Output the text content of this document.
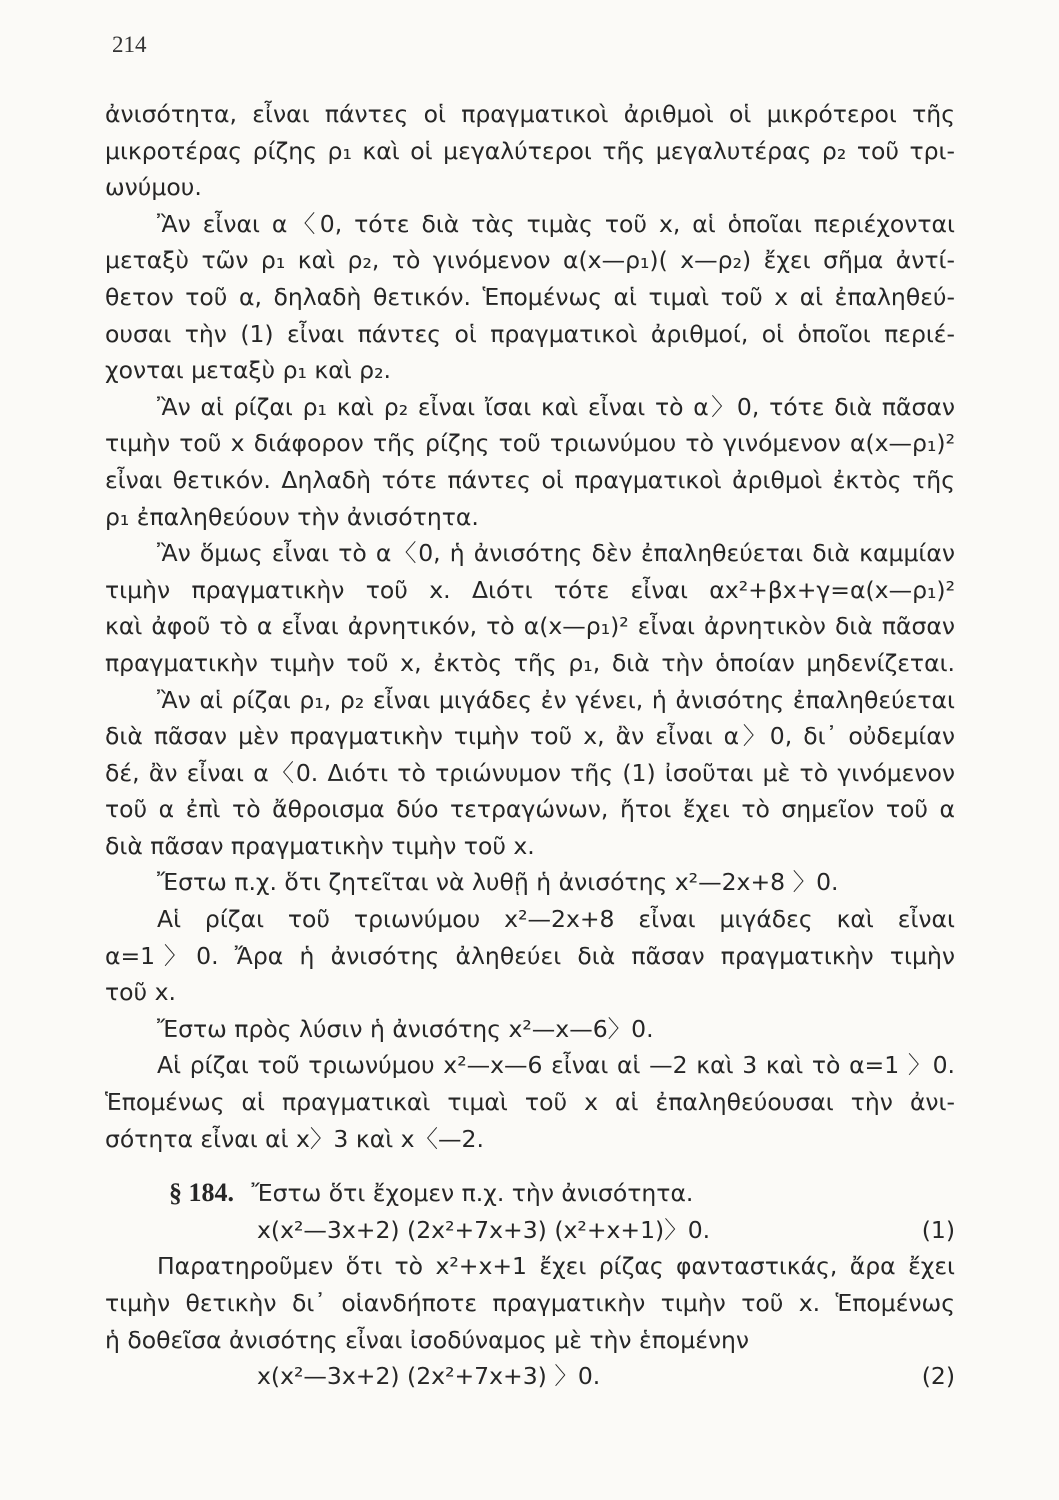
214
ἀνισότητα, εἶναι πάντες οἱ πραγματικοὶ ἀριθμοὶ οἱ μικρότεροι τῆς
μικροτέρας ρίζης ρ₁ καὶ οἱ μεγαλύτεροι τῆς μεγαλυτέρας ρ₂ τοῦ τρι-
ωνύμου.
Ἂν εἶναι α〈0, τότε διὰ τὰς τιμὰς τοῦ x, αἱ ὁποῖαι περιέχονται
μεταξὺ τῶν ρ₁ καὶ ρ₂, τὸ γινόμενον α(x—ρ₁)( x—ρ₂) ἔχει σῆμα ἀντί-
θετον τοῦ α, δηλαδὴ θετικόν. Ἑπομένως αἱ τιμαὶ τοῦ x αἱ ἐπαληθεύ-
ουσαι τὴν (1) εἶναι πάντες οἱ πραγματικοὶ ἀριθμοί, οἱ ὁποῖοι περιέ-
χονται μεταξὺ ρ₁ καὶ ρ₂.
Ἂν αἱ ρίζαι ρ₁ καὶ ρ₂ εἶναι ἴσαι καὶ εἶναι τὸ α〉0, τότε διὰ πᾶσαν
τιμὴν τοῦ x διάφορον τῆς ρίζης τοῦ τριωνύμου τὸ γινόμενον α(x—ρ₁)²
εἶναι θετικόν. Δηλαδὴ τότε πάντες οἱ πραγματικοὶ ἀριθμοὶ ἐκτὸς τῆς
ρ₁ ἐπαληθεύουν τὴν ἀνισότητα.
Ἂν ὅμως εἶναι τὸ α〈0, ἡ ἀνισότης δὲν ἐπαληθεύεται διὰ καμμίαν
τιμὴν πραγματικὴν τοῦ x. Διότι τότε εἶναι αx²+βx+γ=α(x—ρ₁)²
καὶ ἀφοῦ τὸ α εἶναι ἀρνητικόν, τὸ α(x—ρ₁)² εἶναι ἀρνητικὸν διὰ πᾶσαν
πραγματικὴν τιμὴν τοῦ x, ἐκτὸς τῆς ρ₁, διὰ τὴν ὁποίαν μηδενίζεται.
Ἂν αἱ ρίζαι ρ₁, ρ₂ εἶναι μιγάδες ἐν γένει, ἡ ἀνισότης ἐπαληθεύεται
διὰ πᾶσαν μὲν πραγματικὴν τιμὴν τοῦ x, ἂν εἶναι α〉0, δι᾿ οὐδεμίαν
δέ, ἂν εἶναι α〈0. Διότι τὸ τριώνυμον τῆς (1) ἰσοῦται μὲ τὸ γινόμενον
τοῦ α ἐπὶ τὸ ἄθροισμα δύο τετραγώνων, ἤτοι ἔχει τὸ σημεῖον τοῦ α
διὰ πᾶσαν πραγματικὴν τιμὴν τοῦ x.
Ἔστω π.χ. ὅτι ζητεῖται νὰ λυθῇ ἡ ἀνισότης x²—2x+8 〉0.
Αἱ ρίζαι τοῦ τριωνύμου x²—2x+8 εἶναι μιγάδες καὶ εἶναι
α=1〉0. Ἄρα ἡ ἀνισότης ἀληθεύει διὰ πᾶσαν πραγματικὴν τιμὴν
τοῦ x.
Ἔστω πρὸς λύσιν ἡ ἀνισότης x²—x—6〉0.
Αἱ ρίζαι τοῦ τριωνύμου x²—x—6 εἶναι αἱ —2 καὶ 3 καὶ τὸ α=1 〉0.
Ἑπομένως αἱ πραγματικαὶ τιμαὶ τοῦ x αἱ ἐπαληθεύουσαι τὴν ἀνι-
σότητα εἶναι αἱ x〉3 καὶ x〈—2.
§ 184. Ἔστω ὅτι ἔχομεν π.χ. τὴν ἀνισότητα.
x(x²—3x+2) (2x²+7x+3) (x²+x+1)〉0.	(1)
Παρατηροῦμεν ὅτι τὸ x²+x+1 ἔχει ρίζας φανταστικάς, ἄρα ἔχει
τιμὴν θετικὴν δι᾿ οἱανδήποτε πραγματικὴν τιμὴν τοῦ x. Ἑπομένως
ἡ δοθεῖσα ἀνισότης εἶναι ἰσοδύναμος μὲ τὴν ἑπομένην
x(x²—3x+2) (2x²+7x+3) 〉0.	(2)
